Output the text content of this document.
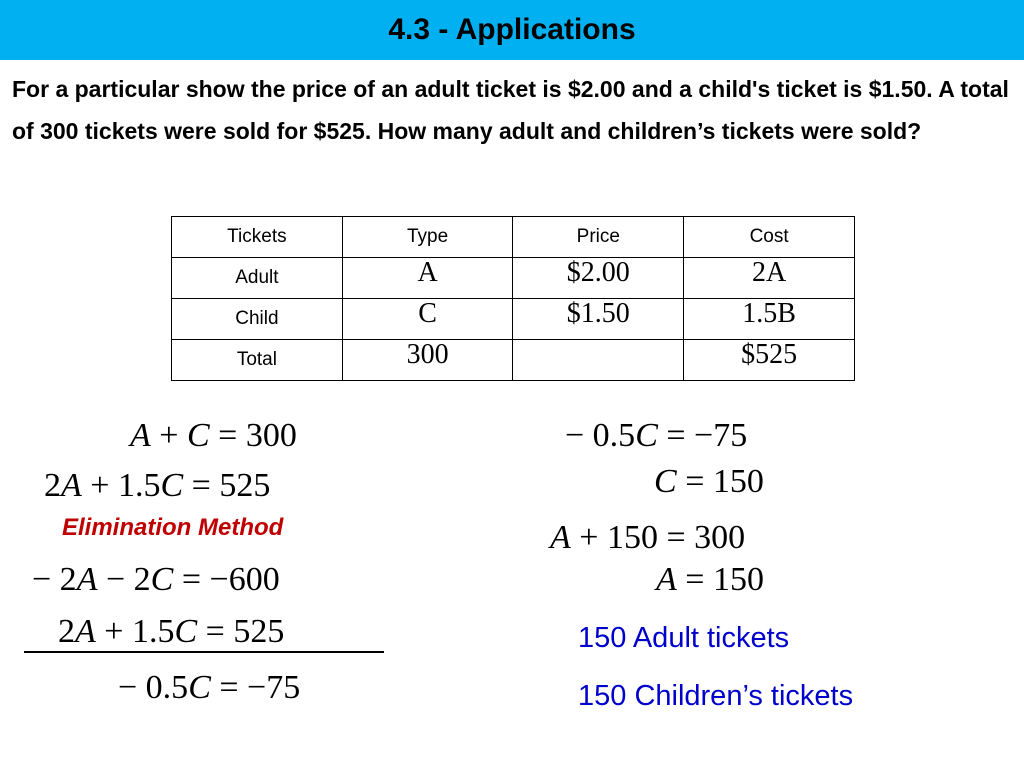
4.3 - Applications

For a particular show the price of an adult ticket is $2.00 and a child's ticket is $1.50. A total of 300 tickets were sold for $525. How many adult and children’s tickets were sold?

Tickets	Type	Price	Cost
Adult	A	$2.00	2A
Child	C	$1.50	1.5B
Total	300		$525
A + C = 300
2A + 1.5C = 525
Elimination Method
− 2A − 2C = −600
2A + 1.5C = 525
− 0.5C = −75
− 0.5C = −75
C = 150
A + 150 = 300
A = 150
150 Adult tickets
150 Children’s tickets
